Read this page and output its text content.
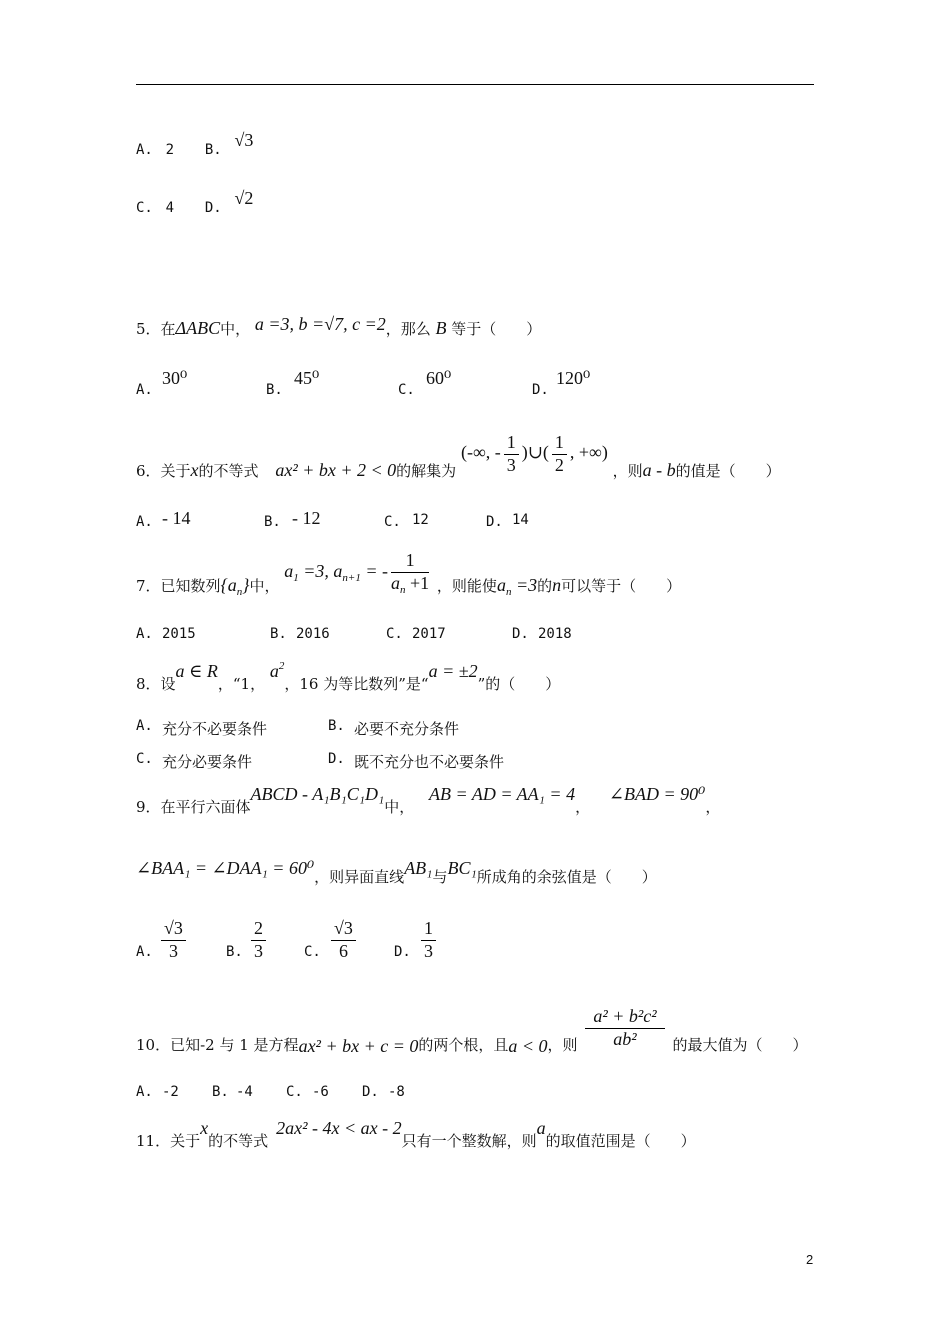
A. 2 B. √3
C. 4 D. √2
5．在ΔABC中， a =3, b =√7, c =2，那么 B 等于（　　）
A.
30⁰
B.
45⁰
C.
60⁰
D.
120⁰
6．关于x的不等式 ax² + bx + 2 < 0的解集为 (-∞, - $\frac{1}{3}$ )∪( $\frac{1}{2}$ , +∞) ，则a - b的值是（　　）
A. - 14	B. - 12	C. 12	D. 14
7．已知数列$\{a_n\}$中， $a_1 =3$, $a_{n+1}$ = - $\frac{1}{a_n +1}$ ，则能使$a_n =3$的n可以等于（　　）
A. 2015	B. 2016	C. 2017	D. 2018
8．设a ∈ R，“1， $a^2$，16 为等比数列”是“a = ±2”的（　　）
A. 充分不必要条件	B. 必要不充分条件
C. 充分必要条件	D. 既不充分也不必要条件
9．在平行六面体ABCD - A₁B₁C₁D₁中， AB = AD = AA₁ = 4， ∠BAD = 90⁰，
∠BAA₁ = ∠DAA₁ = 60⁰，则异面直线AB₁与BC₁所成角的余弦值是（　　）
A. $\frac{√3}{3}$	B. $\frac{2}{3}$	C. $\frac{√3}{6}$	D. $\frac{1}{3}$
10．已知-2 与 1 是方程ax² + bx + c = 0的两个根，且a < 0，则 $\frac{\text{a² + b²c²}}{\text{ab²}}$ 的最大值为（　　）
A. -2 B. -4 C. -6 D. -8
11．关于x的不等式2ax² - 4x < ax - 2只有一个整数解，则a的取值范围是（　　）
2
